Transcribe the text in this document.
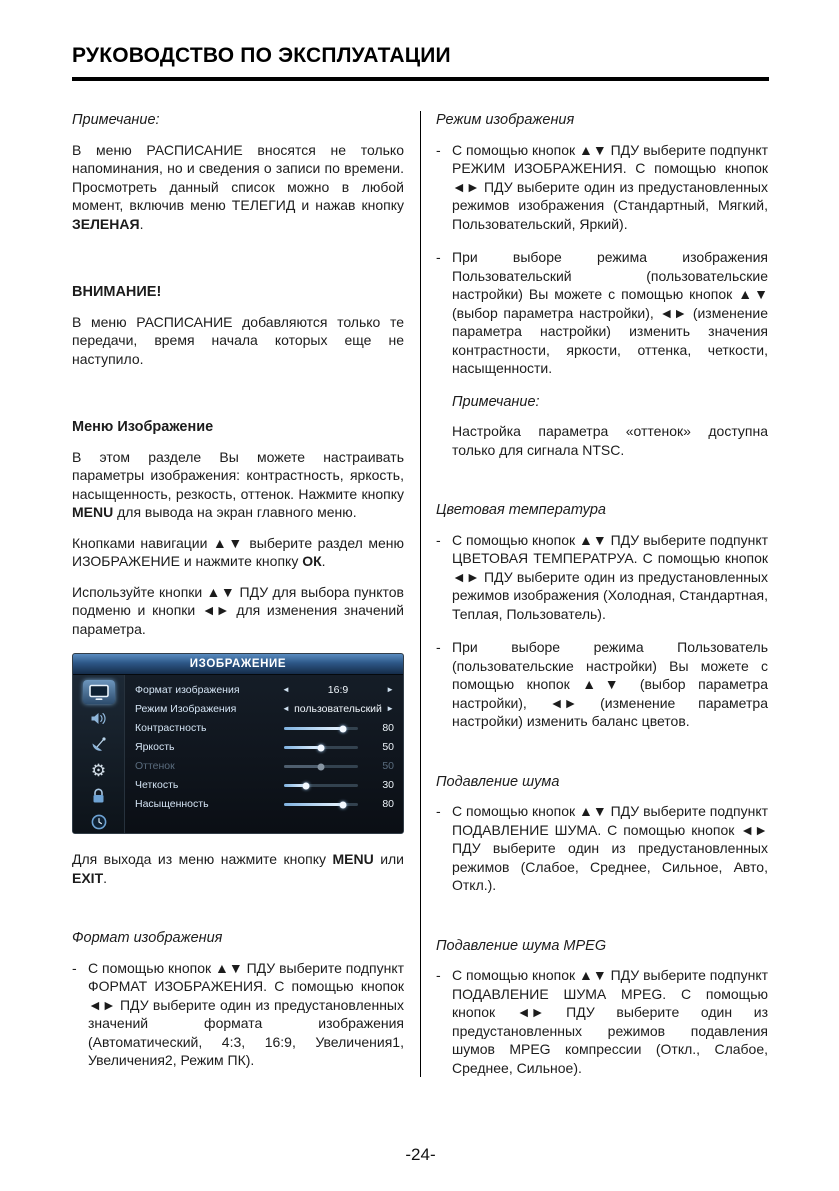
РУКОВОДСТВО ПО ЭКСПЛУАТАЦИИ

Примечание:

В меню РАСПИСАНИЕ вносятся не только напоминания, но и сведения о записи по времени. Просмотреть данный список можно в любой момент, включив меню ТЕЛЕГИД и нажав кнопку ЗЕЛЕНАЯ.

ВНИМАНИЕ!

В меню РАСПИСАНИЕ добавляются только те передачи, время начала которых еще не наступило.

Меню Изображение

В этом разделе Вы можете настраивать параметры изображения: контрастность, яркость, насыщенность, резкость, оттенок. Нажмите кнопку MENU для вывода на экран главного меню.

Кнопками навигации ▲▼ выберите раздел меню ИЗОБРАЖЕНИЕ и нажмите кнопку ОК.

Используйте кнопки ▲▼ ПДУ для выбора пунктов подменю и кнопки ◄► для изменения значений параметра.

ИЗОБРАЖЕНИЕ
⚙
Формат изображения	◄	16:9	►
Режим Изображения	◄ пользовательский ►
Контрастность	80
Яркость	50
Оттенок	50
Четкость	30
Насыщенность	80

Для выхода из меню нажмите кнопку MENU или EXIT.

Формат изображения

- С помощью кнопок ▲▼ ПДУ выберите подпункт ФОРМАТ ИЗОБРАЖЕНИЯ. С помощью кнопок ◄► ПДУ выберите один из предустановленных значений формата изображения (Автоматический, 4:3, 16:9, Увеличения1, Увеличения2, Режим ПК).

Режим изображения

- С помощью кнопок ▲▼ ПДУ выберите подпункт РЕЖИМ ИЗОБРАЖЕНИЯ. С помощью кнопок ◄► ПДУ выберите один из предустановленных режимов изображения (Стандартный, Мягкий, Пользовательский, Яркий).
- При выборе режима изображения Пользовательский (пользовательские настройки) Вы можете с помощью кнопок ▲▼ (выбор параметра настройки), ◄► (изменение параметра настройки) изменить значения контрастности, яркости, оттенка, четкости, насыщенности.

Примечание:

Настройка параметра «оттенок» доступна только для сигнала NTSC.

Цветовая температура

- С помощью кнопок ▲▼ ПДУ выберите подпункт ЦВЕТОВАЯ ТЕМПЕРАТРУА. С помощью кнопок ◄► ПДУ выберите один из предустановленных режимов изображения (Холодная, Стандартная, Теплая, Пользователь).
- При выборе режима Пользователь (пользовательские настройки) Вы можете с помощью кнопок ▲▼ (выбор параметра настройки), ◄► (изменение параметра настройки) изменить баланс цветов.

Подавление шума

- С помощью кнопок ▲▼ ПДУ выберите подпункт ПОДАВЛЕНИЕ ШУМА. С помощью кнопок ◄► ПДУ выберите один из предустановленных режимов (Слабое, Среднее, Сильное, Авто, Откл.).

Подавление шума MPEG

- С помощью кнопок ▲▼ ПДУ выберите подпункт ПОДАВЛЕНИЕ ШУМА MPEG. С помощью кнопок ◄► ПДУ выберите один из предустановленных режимов подавления шумов MPEG компрессии (Откл., Слабое, Среднее, Сильное).
-24-
